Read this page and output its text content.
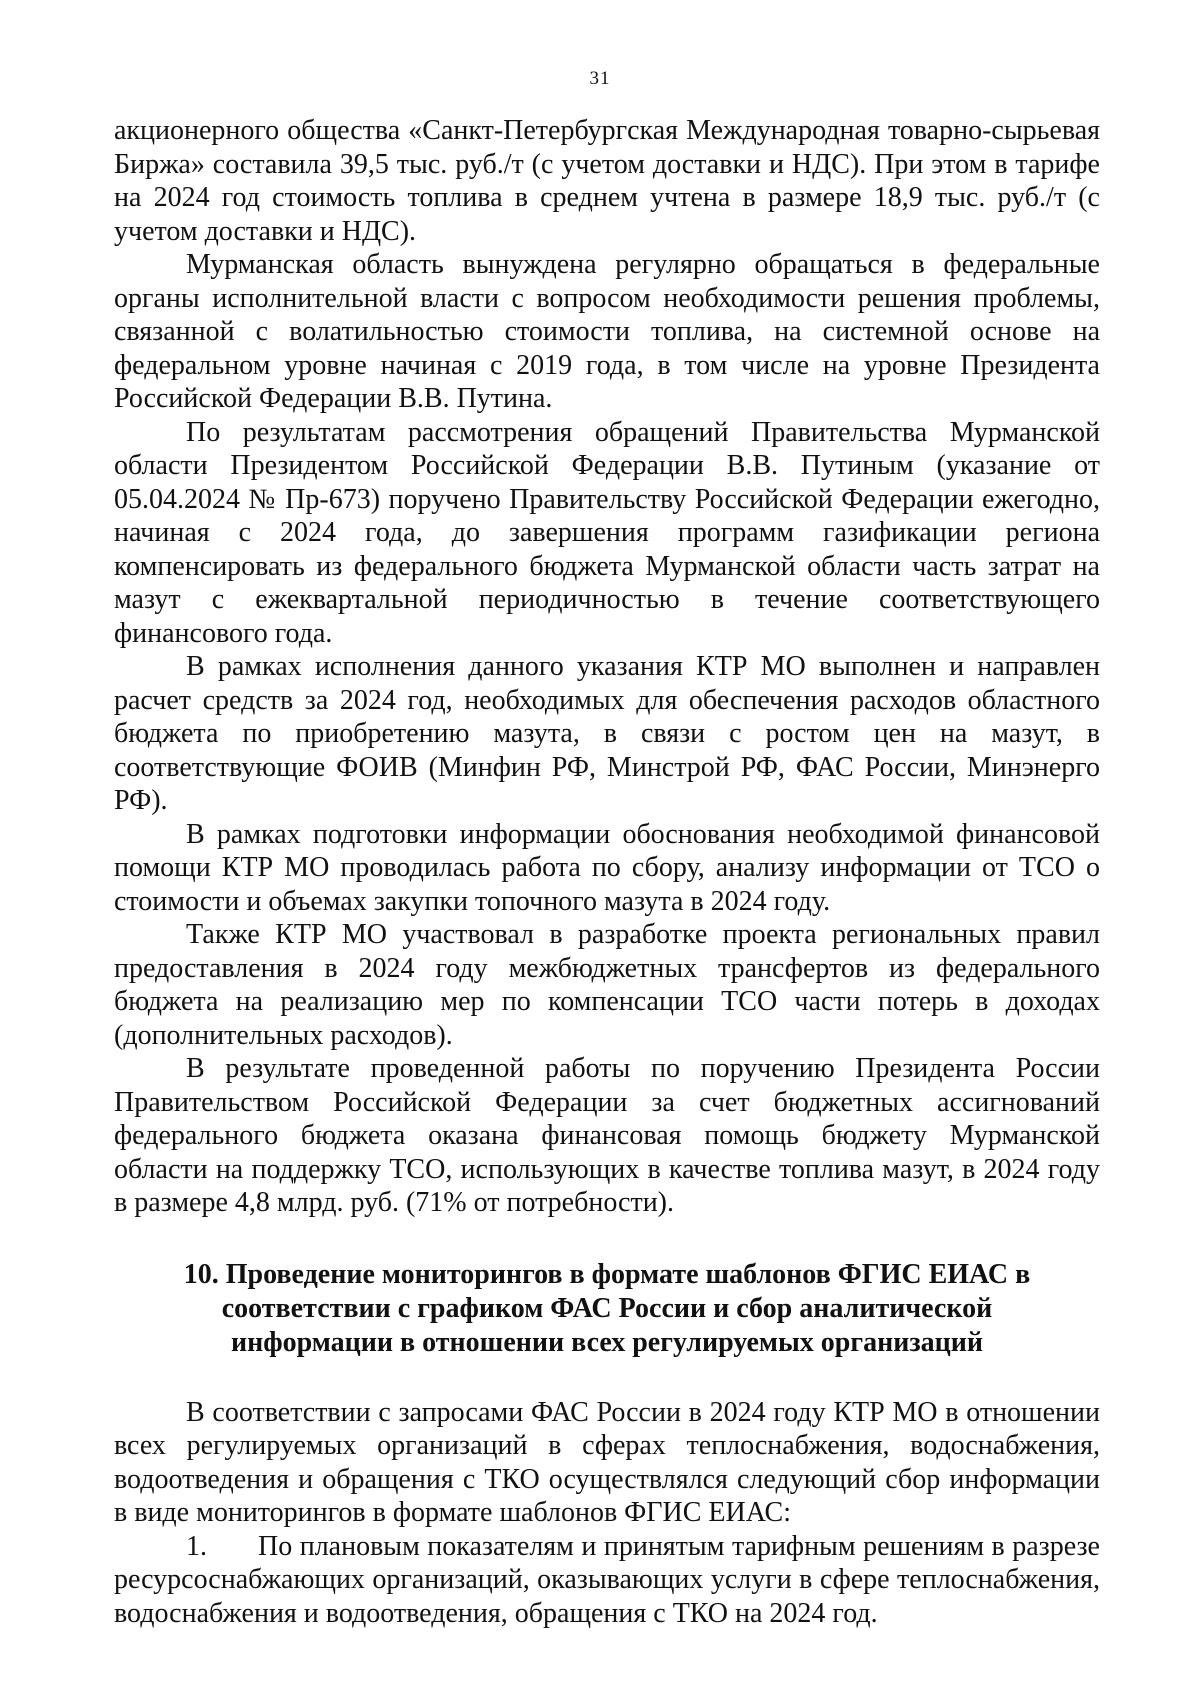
31

акционерного общества «Санкт-Петербургская Международная товарно-сырьевая Биржа» составила 39,5 тыс. руб./т (с учетом доставки и НДС). При этом в тарифе на 2024 год стоимость топлива в среднем учтена в размере 18,9 тыс. руб./т (с учетом доставки и НДС).

Мурманская область вынуждена регулярно обращаться в федеральные органы исполнительной власти с вопросом необходимости решения проблемы, связанной с волатильностью стоимости топлива, на системной основе на федеральном уровне начиная с 2019 года, в том числе на уровне Президента Российской Федерации В.В. Путина.

По результатам рассмотрения обращений Правительства Мурманской области Президентом Российской Федерации В.В. Путиным (указание от 05.04.2024 № Пр-673) поручено Правительству Российской Федерации ежегодно, начиная с 2024 года, до завершения программ газификации региона компенсировать из федерального бюджета Мурманской области часть затрат на мазут с ежеквартальной периодичностью в течение соответствующего финансового года.

В рамках исполнения данного указания КТР МО выполнен и направлен расчет средств за 2024 год, необходимых для обеспечения расходов областного бюджета по приобретению мазута, в связи с ростом цен на мазут, в соответствующие ФОИВ (Минфин РФ, Минстрой РФ, ФАС России, Минэнерго РФ).

В рамках подготовки информации обоснования необходимой финансовой помощи КТР МО проводилась работа по сбору, анализу информации от ТСО о стоимости и объемах закупки топочного мазута в 2024 году.

Также КТР МО участвовал в разработке проекта региональных правил предоставления в 2024 году межбюджетных трансфертов из федерального бюджета на реализацию мер по компенсации ТСО части потерь в доходах (дополнительных расходов).

В результате проведенной работы по поручению Президента России Правительством Российской Федерации за счет бюджетных ассигнований федерального бюджета оказана финансовая помощь бюджету Мурманской области на поддержку ТСО, использующих в качестве топлива мазут, в 2024 году в размере 4,8 млрд. руб. (71% от потребности).

10. Проведение мониторингов в формате шаблонов ФГИС ЕИАС в соответствии с графиком ФАС России и сбор аналитической информации в отношении всех регулируемых организаций

В соответствии с запросами ФАС России в 2024 году КТР МО в отношении всех регулируемых организаций в сферах теплоснабжения, водоснабжения, водоотведения и обращения с ТКО осуществлялся следующий сбор информации в виде мониторингов в формате шаблонов ФГИС ЕИАС:

1. По плановым показателям и принятым тарифным решениям в разрезе ресурсоснабжающих организаций, оказывающих услуги в сфере теплоснабжения, водоснабжения и водоотведения, обращения с ТКО на 2024 год.
